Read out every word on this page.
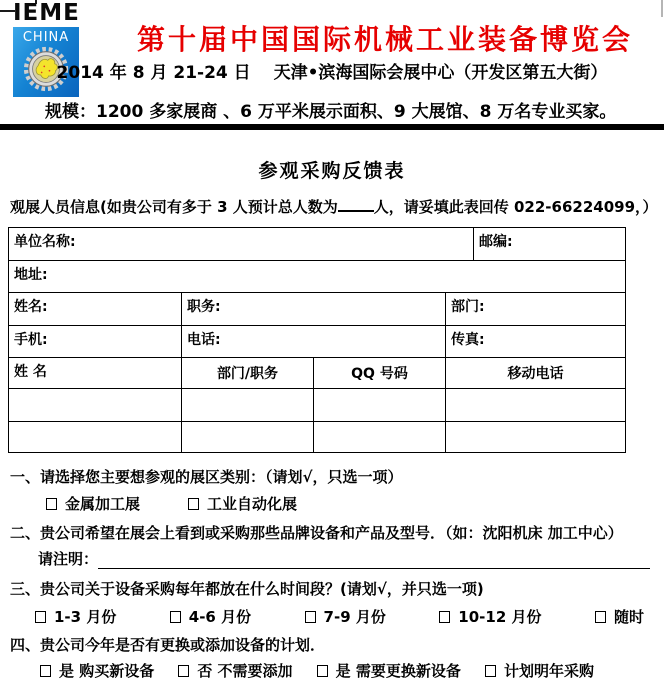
IEME
CHINA	第十届中国国际机械工业装备博览会
2014 年 8 月 21-24 日　 天津•滨海国际会展中心（开发区第五大街）
规模：1200 多家展商 、6 万平米展示面积、9 大展馆、8 万名专业买家。
参观采购反馈表
观展人员信息(如贵公司有多于 3 人预计总人数为 人，请妥填此表回传 022-66224099，）
单位名称:				邮编:
地址:				
姓名:	职务:		部门:	
手机:	电话:		传真:	
姓 名	部门/职务	QQ 号码	移动电话	

一、请选择您主要想参观的展区类别：（请划√，只选一项）
金属加工展	工业自动化展
二、贵公司希望在展会上看到或采购那些品牌设备和产品及型号．（如：沈阳机床 加工中心）
请注明：
三、贵公司关于设备采购每年都放在什么时间段？(请划√，并只选一项)
1-3 月份	4-6 月份	7-9 月份	10-12 月份	随时
四、贵公司今年是否有更换或添加设备的计划．
是 购买新设备	否 不需要添加	是 需要更换新设备	计划明年采购
